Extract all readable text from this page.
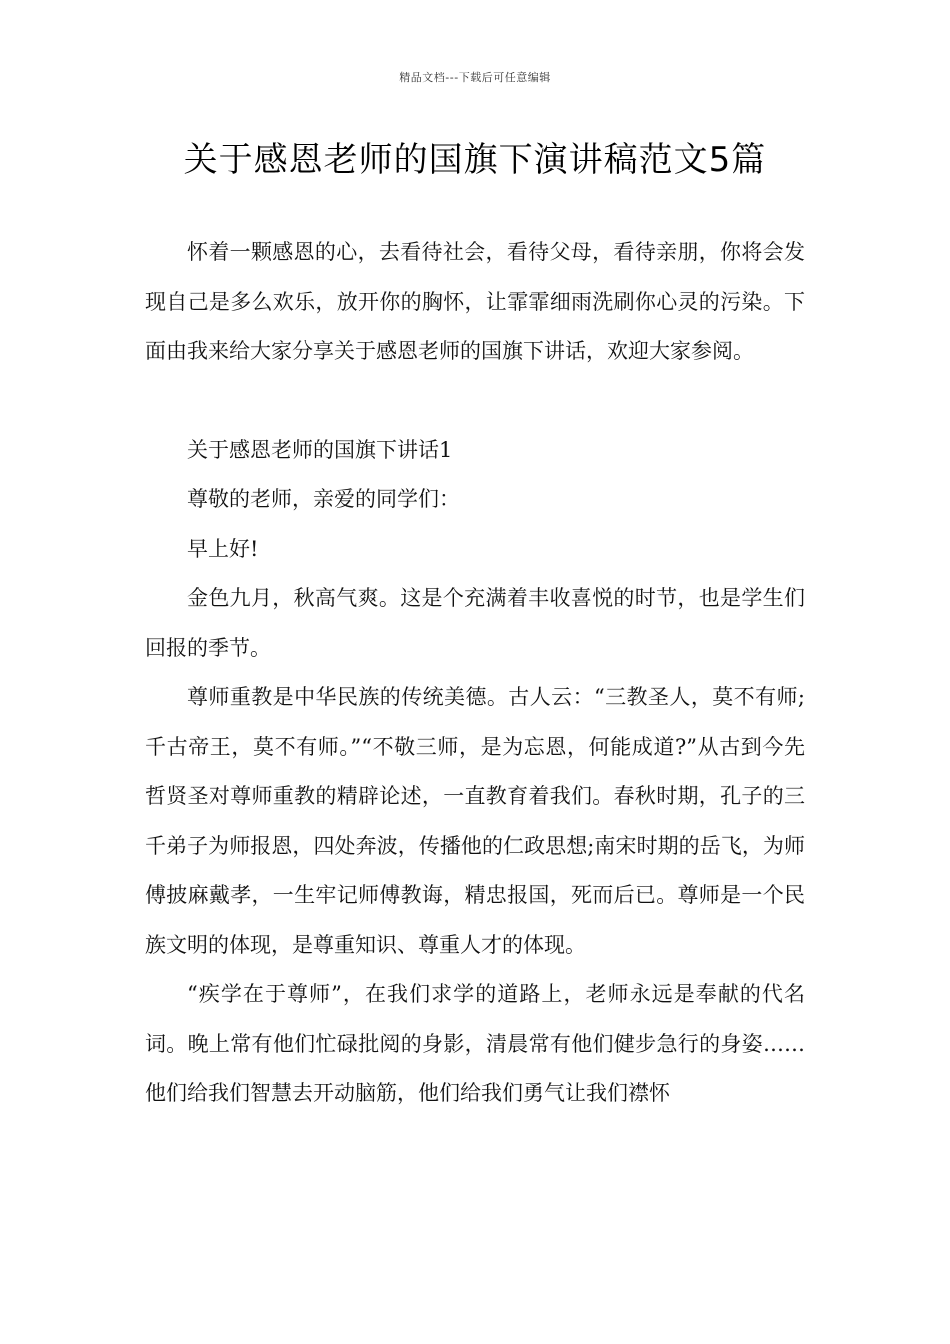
精品文档---下载后可任意编辑
关于感恩老师的国旗下演讲稿范文5篇

怀着一颗感恩的心，去看待社会，看待父母，看待亲朋，你将会发现自己是多么欢乐，放开你的胸怀，让霏霏细雨洗刷你心灵的污染。下面由我来给大家分享关于感恩老师的国旗下讲话，欢迎大家参阅。

关于感恩老师的国旗下讲话1

尊敬的老师，亲爱的同学们：

早上好!

金色九月，秋高气爽。这是个充满着丰收喜悦的时节，也是学生们回报的季节。

尊师重教是中华民族的传统美德。古人云：“三教圣人，莫不有师;千古帝王，莫不有师。”“不敬三师，是为忘恩，何能成道?”从古到今先哲贤圣对尊师重教的精辟论述，一直教育着我们。春秋时期，孔子的三千弟子为师报恩，四处奔波，传播他的仁政思想;南宋时期的岳飞，为师傅披麻戴孝，一生牢记师傅教诲，精忠报国，死而后已。尊师是一个民族文明的体现，是尊重知识、尊重人才的体现。

“疾学在于尊师”，在我们求学的道路上，老师永远是奉献的代名词。晚上常有他们忙碌批阅的身影，清晨常有他们健步急行的身姿……他们给我们智慧去开动脑筋，他们给我们勇气让我们襟怀
